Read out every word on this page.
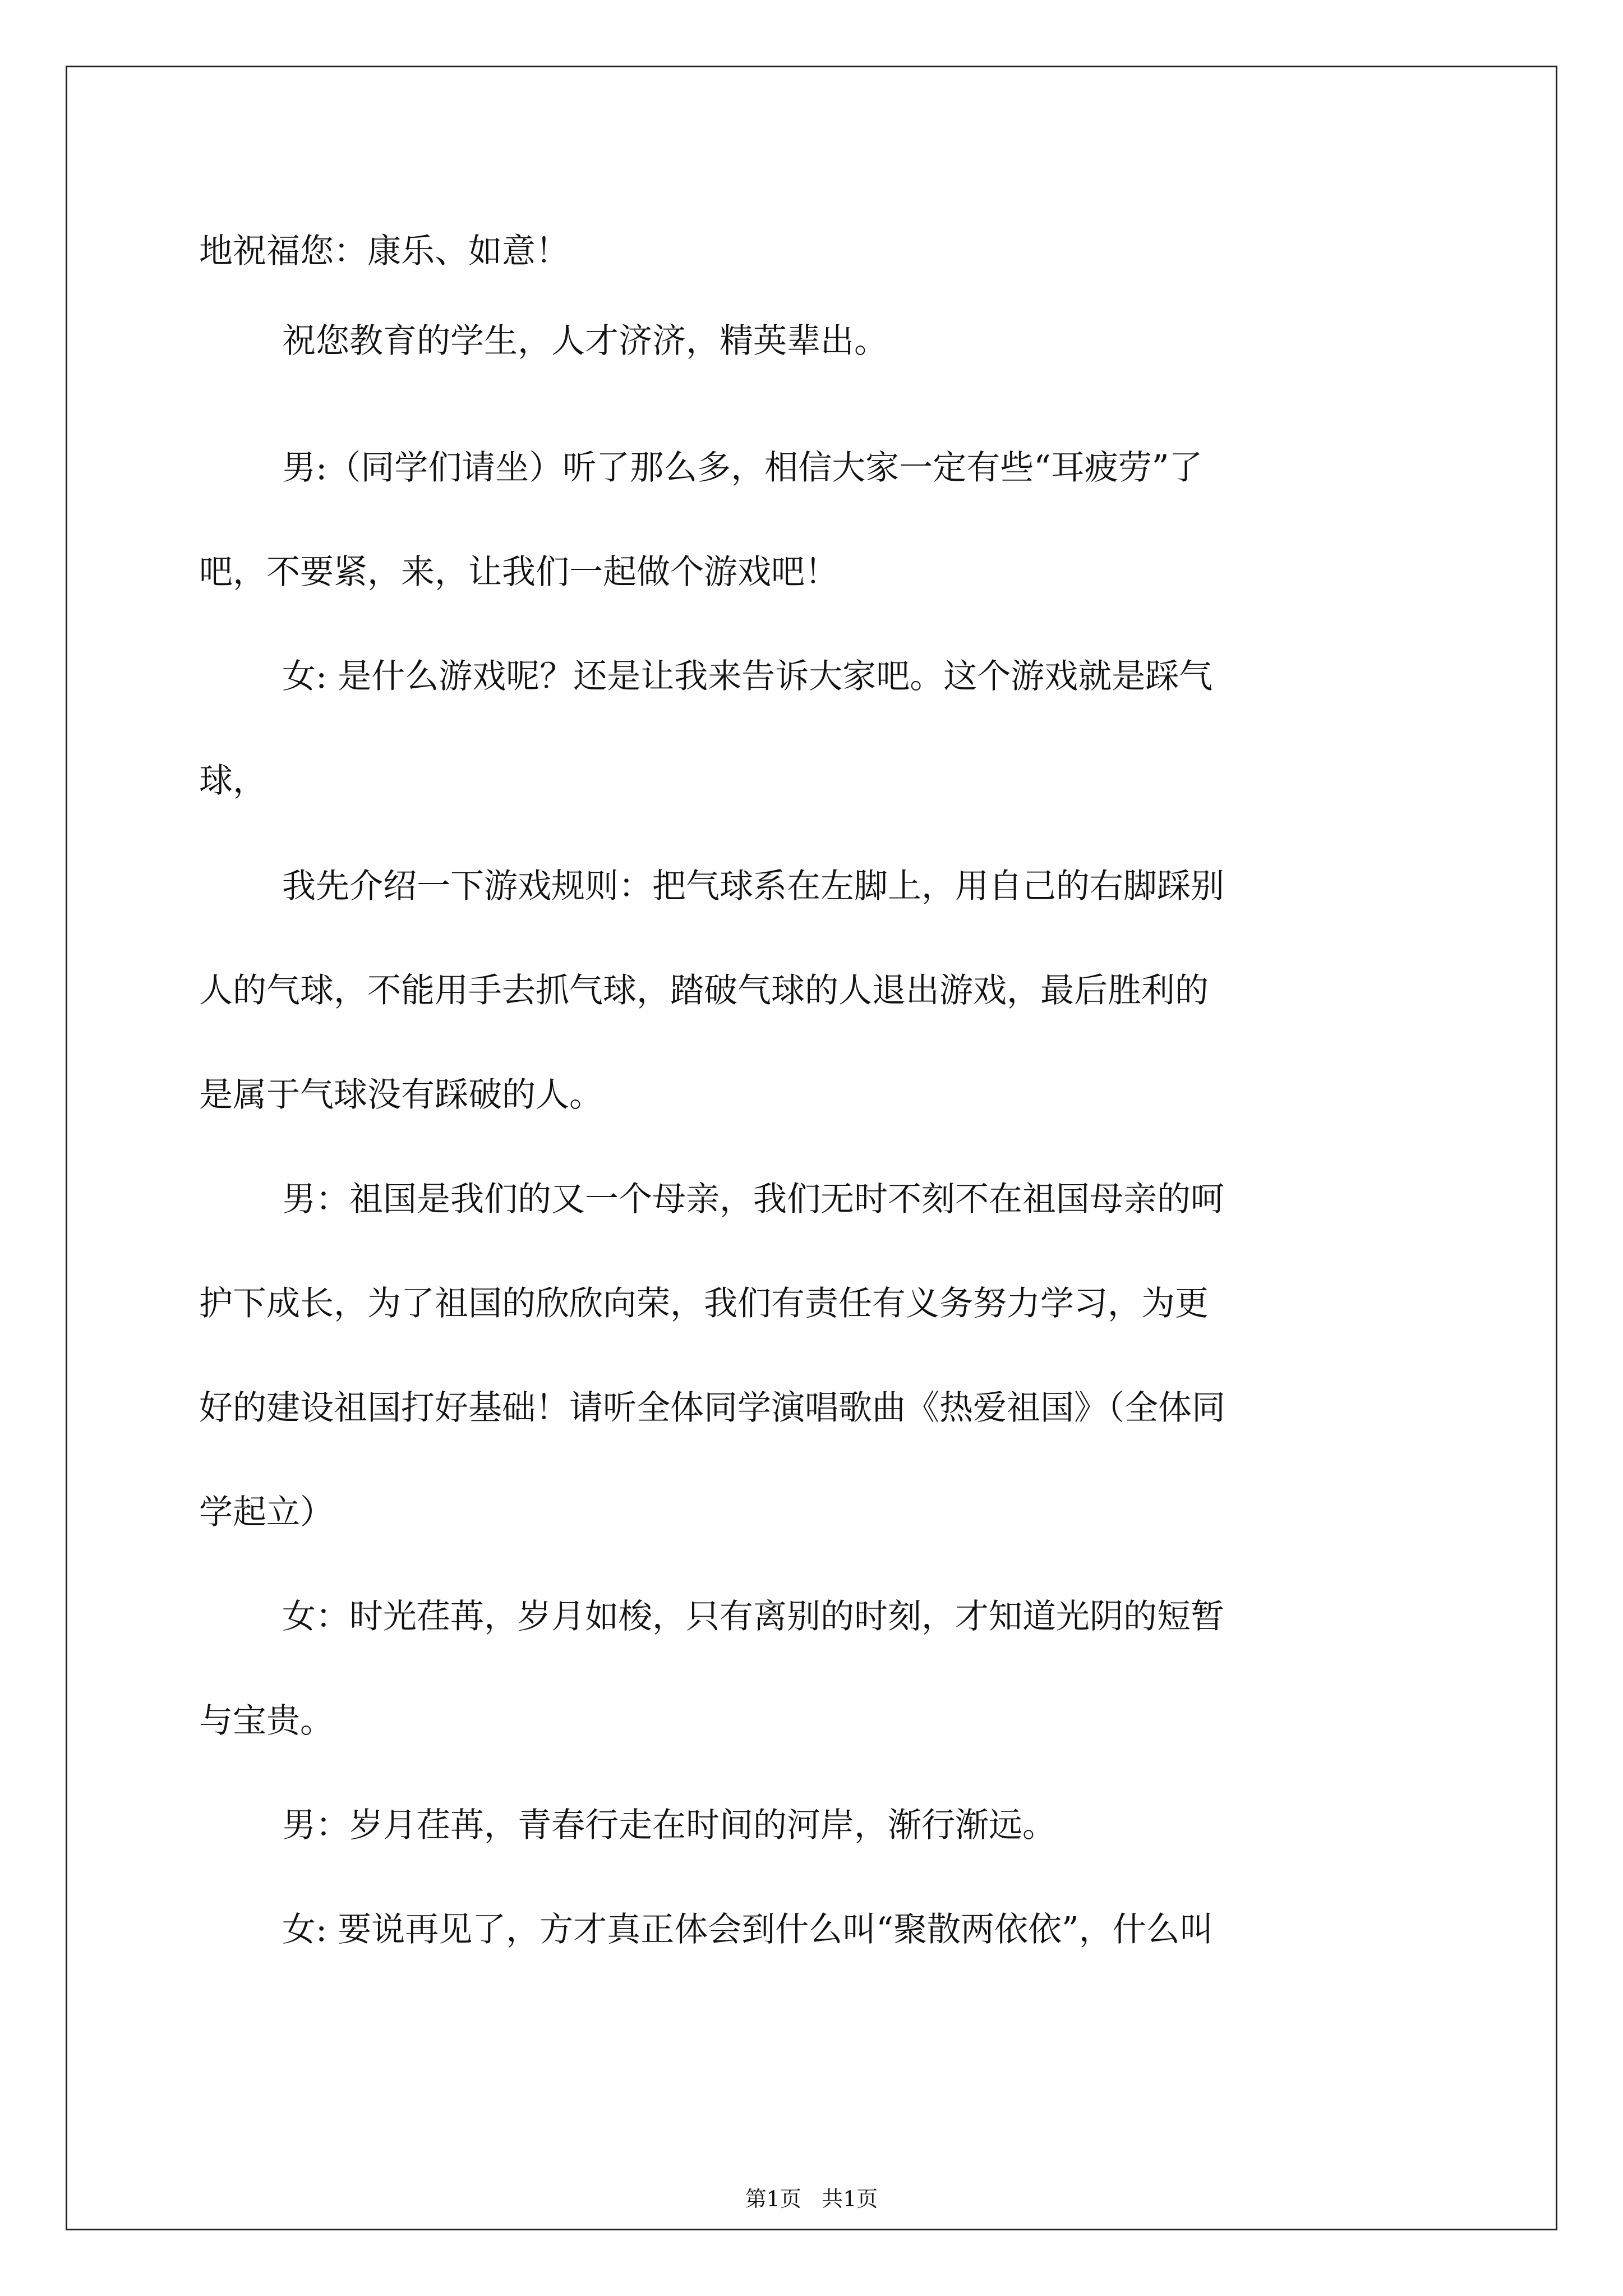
地祝福您：康乐、如意！

祝您教育的学生，人才济济，精英辈出。

男:（同学们请坐）听了那么多，相信大家一定有些“耳疲劳”了

吧，不要紧，来，让我们一起做个游戏吧！

女: 是什么游戏呢？还是让我来告诉大家吧。这个游戏就是踩气

球，

我先介绍一下游戏规则：把气球系在左脚上，用自己的右脚踩别

人的气球，不能用手去抓气球，踏破气球的人退出游戏，最后胜利的

是属于气球没有踩破的人。

男：祖国是我们的又一个母亲，我们无时不刻不在祖国母亲的呵

护下成长，为了祖国的欣欣向荣，我们有责任有义务努力学习，为更

好的建设祖国打好基础！请听全体同学演唱歌曲《热爱祖国》（全体同

学起立）

女：时光荏苒，岁月如梭，只有离别的时刻，才知道光阴的短暂

与宝贵。

男：岁月荏苒，青春行走在时间的河岸，渐行渐远。

女: 要说再见了，方才真正体会到什么叫“聚散两依依”，什么叫

第1页   共1页
